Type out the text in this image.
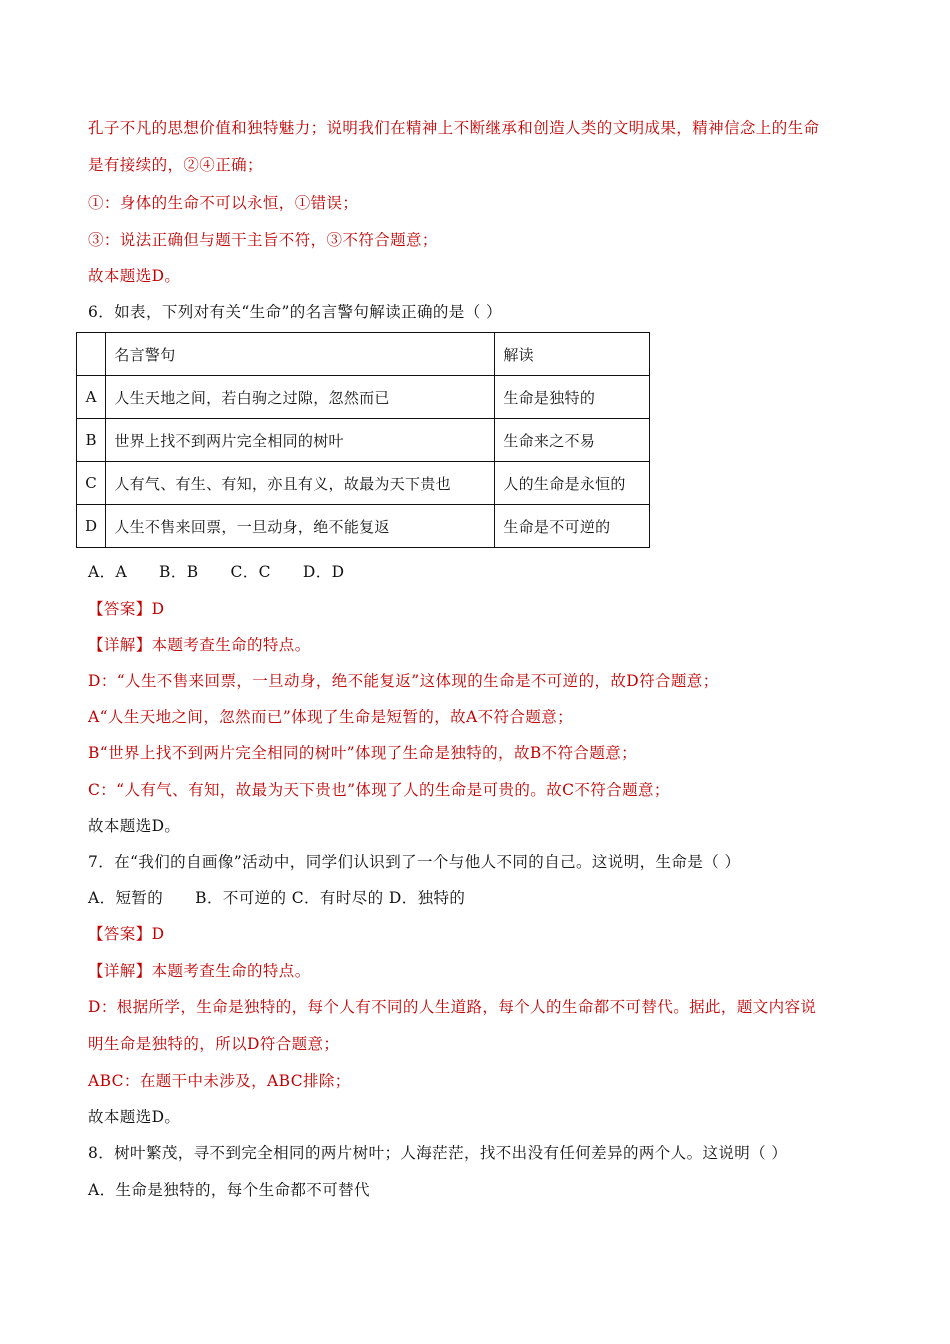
孔子不凡的思想价值和独特魅力；说明我们在精神上不断继承和创造人类的文明成果，精神信念上的生命
是有接续的，②④正确；
①：身体的生命不可以永恒，①错误；
③：说法正确但与题干主旨不符，③不符合题意；
故本题选D。
6．如表，下列对有关“生命”的名言警句解读正确的是（ ）
	名言警句	解读
A	人生天地之间，若白驹之过隙，忽然而已	生命是独特的
B	世界上找不到两片完全相同的树叶	生命来之不易
C	人有气、有生、有知，亦且有义，故最为天下贵也	人的生命是永恒的
D	人生不售来回票，一旦动身，绝不能复返	生命是不可逆的
A．A      B．B      C．C      D．D
【答案】D
【详解】本题考查生命的特点。
D：“人生不售来回票，一旦动身，绝不能复返”这体现的生命是不可逆的，故D符合题意；
A“人生天地之间，忽然而已”体现了生命是短暂的，故A不符合题意；
B“世界上找不到两片完全相同的树叶”体现了生命是独特的，故B不符合题意；
C：“人有气、有知，故最为天下贵也”体现了人的生命是可贵的。故C不符合题意；
故本题选D。
7．在“我们的自画像”活动中，同学们认识到了一个与他人不同的自己。这说明，生命是（ ）
A．短暂的      B．不可逆的 C．有时尽的 D．独特的
【答案】D
【详解】本题考查生命的特点。
D：根据所学，生命是独特的，每个人有不同的人生道路，每个人的生命都不可替代。据此，题文内容说
明生命是独特的，所以D符合题意；
ABC：在题干中未涉及，ABC排除；
故本题选D。
8．树叶繁茂，寻不到完全相同的两片树叶；人海茫茫，找不出没有任何差异的两个人。这说明（ ）
A．生命是独特的，每个生命都不可替代
